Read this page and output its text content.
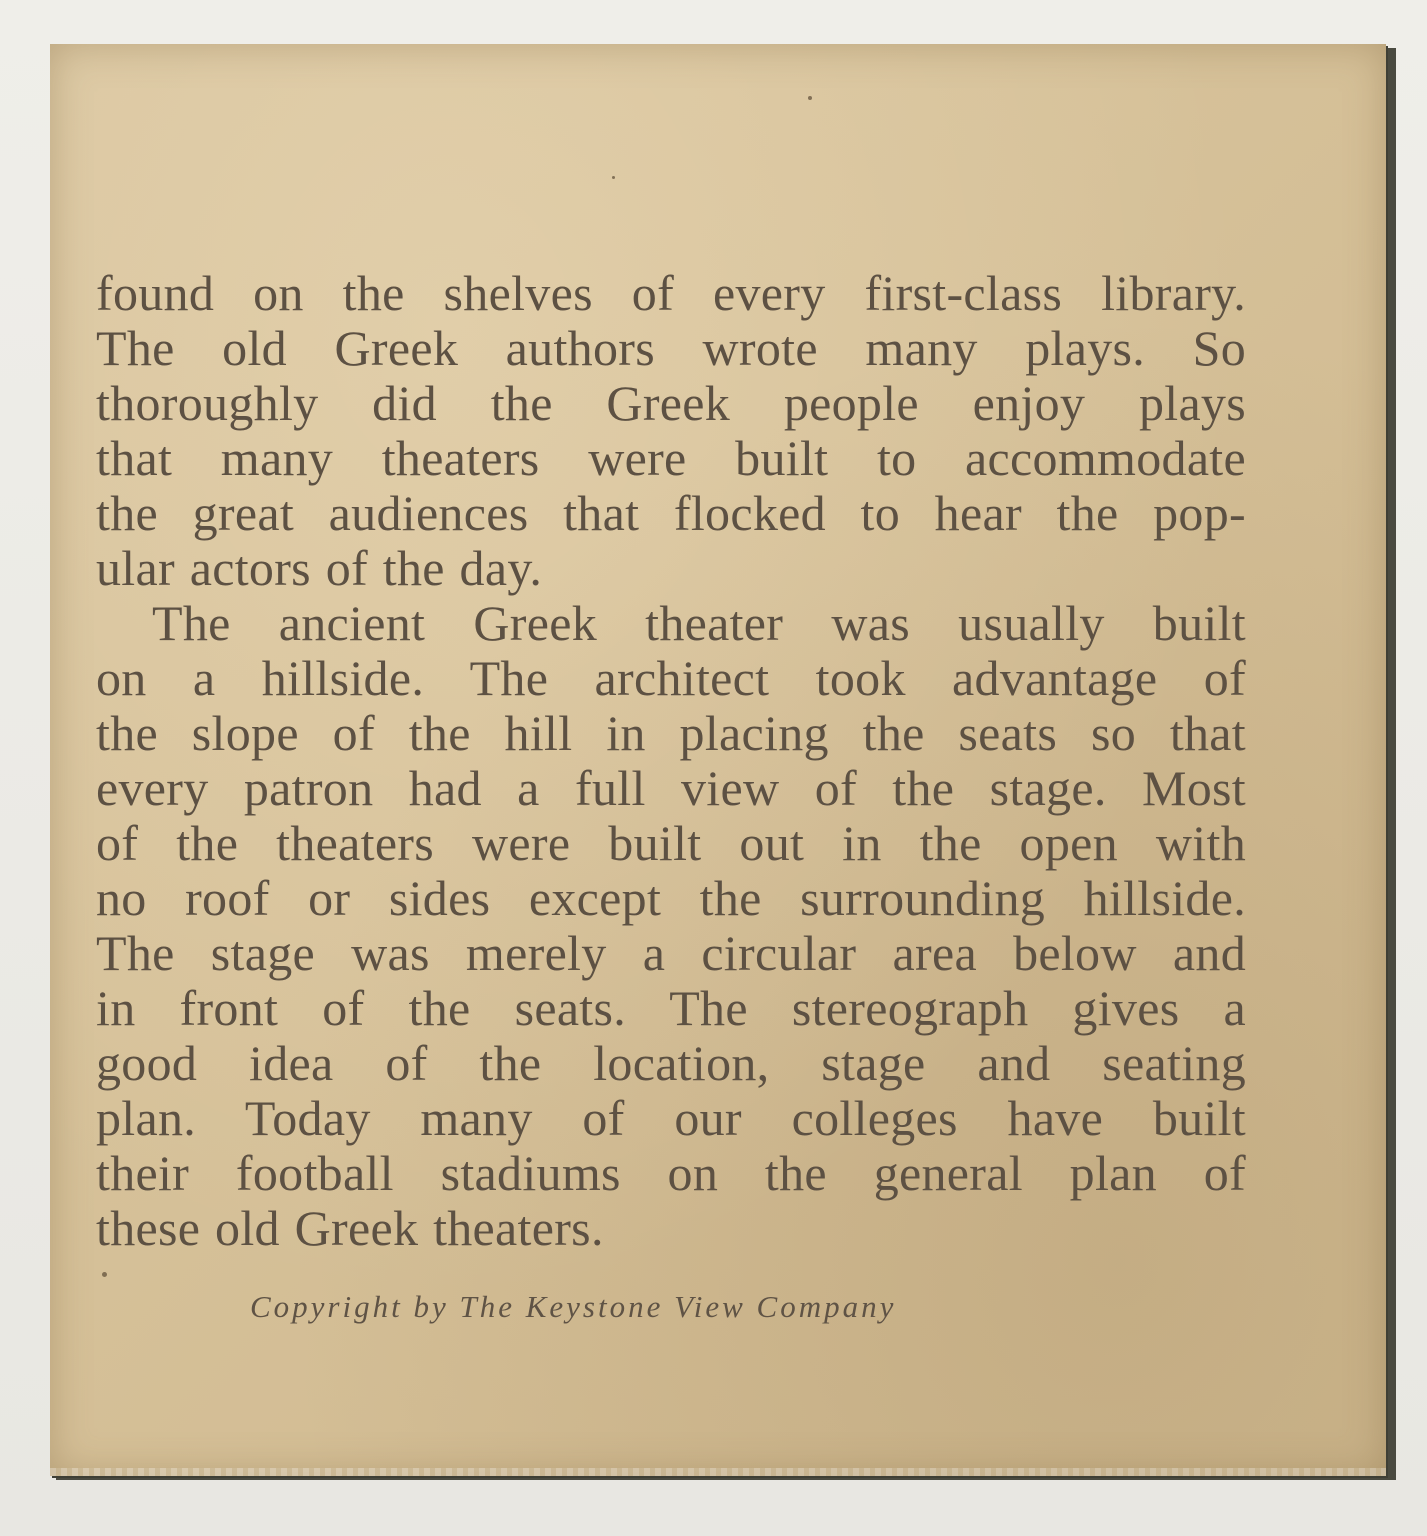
found on the shelves of every first-class library.
The old Greek authors wrote many plays. So
thoroughly did the Greek people enjoy plays
that many theaters were built to accommodate
the great audiences that flocked to hear the pop-
ular actors of the day.
The ancient Greek theater was usually built
on a hillside. The architect took advantage of
the slope of the hill in placing the seats so that
every patron had a full view of the stage. Most
of the theaters were built out in the open with
no roof or sides except the surrounding hillside.
The stage was merely a circular area below and
in front of the seats. The stereograph gives a
good idea of the location, stage and seating
plan. Today many of our colleges have built
their football stadiums on the general plan of
these old Greek theaters.
Copyright by The Keystone View Company
